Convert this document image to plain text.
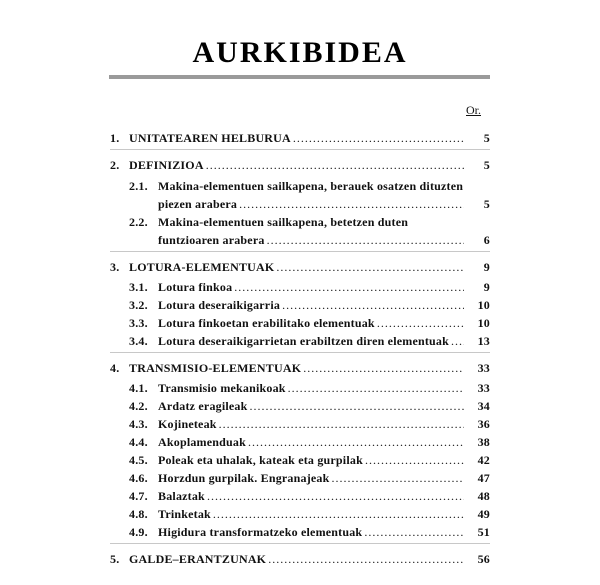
AURKIBIDEA
Or.
1. UNITATEAREN HELBURUA .....	5
2. DEFINIZIOA .....	5
2.1. Makina-elementuen sailkapena, berauek osatzen dituzten
piezen arabera .....	5
2.2. Makina-elementuen sailkapena, betetzen duten
funtzioaren arabera .....	6
3. LOTURA-ELEMENTUAK .....	9
3.1. Lotura finkoa .....	9
3.2. Lotura deseraikigarria .....	10
3.3. Lotura finkoetan erabilitako elementuak .....	10
3.4. Lotura deseraikigarrietan erabiltzen diren elementuak .....	13
4. TRANSMISIO-ELEMENTUAK .....	33
4.1. Transmisio mekanikoak .....	33
4.2. Ardatz eragileak .....	34
4.3. Kojineteak .....	36
4.4. Akoplamenduak .....	38
4.5. Poleak eta uhalak, kateak eta gurpilak .....	42
4.6. Horzdun gurpilak. Engranajeak .....	47
4.7. Balaztak .....	48
4.8. Trinketak .....	49
4.9. Higidura transformatzeko elementuak .....	51
5. GALDE–ERANTZUNAK .....	56
